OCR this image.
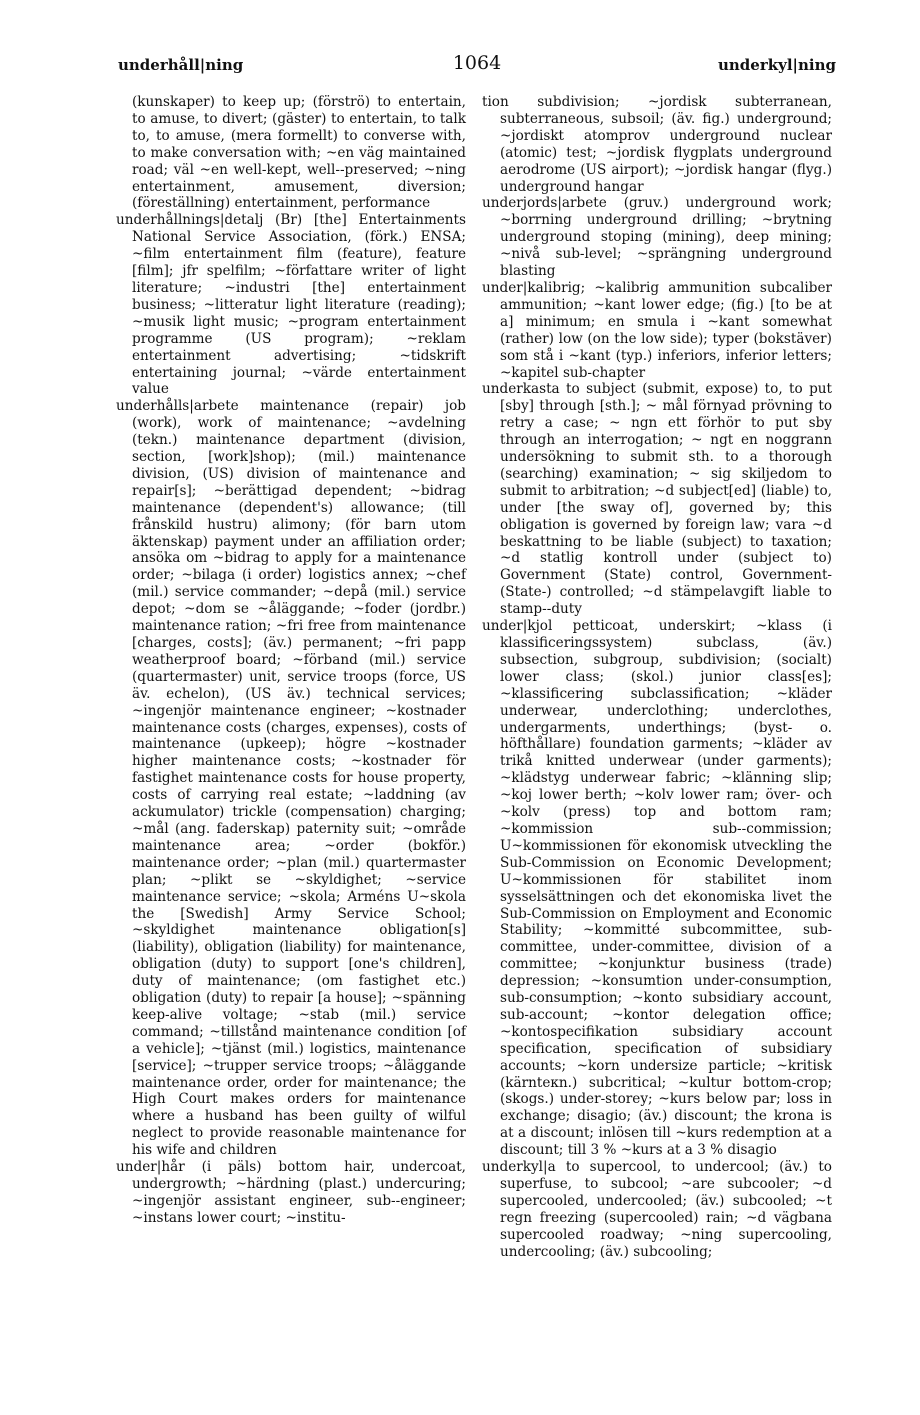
underhåll|ning	1064	underkyl|ning

(kunskaper) to keep up; (förströ) to entertain, to amuse, to divert; (gäster) to entertain, to talk to, to amuse, (mera formellt) to converse with, to make conversation with; ~en väg maintained road; väl ~en well-kept, well--preserved; ~ning entertainment, amusement, diversion; (föreställning) entertainment, performance

underhållnings|detalj (Br) [the] Entertainments National Service Association, (förk.) ENSA; ~film entertainment film (feature), feature [film]; jfr spelfilm; ~författare writer of light literature; ~industri [the] entertainment business; ~litteratur light literature (reading); ~musik light music; ~program entertainment programme (US program); ~reklam entertainment advertising; ~tidskrift entertaining journal; ~värde entertainment value

underhålls|arbete maintenance (repair) job (work), work of maintenance; ~avdelning (tekn.) maintenance department (division, section, [work]shop); (mil.) maintenance division, (US) division of maintenance and repair[s]; ~berättigad dependent; ~bidrag maintenance (dependent's) allowance; (till frånskild hustru) alimony; (för barn utom äktenskap) payment under an affiliation order; ansöka om ~bidrag to apply for a maintenance order; ~bilaga (i order) logistics annex; ~chef (mil.) service commander; ~depå (mil.) service depot; ~dom se ~åläggande; ~foder (jordbr.) maintenance ration; ~fri free from maintenance [charges, costs]; (äv.) permanent; ~fri papp weatherproof board; ~förband (mil.) service (quartermaster) unit, service troops (force, US äv. echelon), (US äv.) technical services; ~ingenjör maintenance engineer; ~kostnader maintenance costs (charges, expenses), costs of maintenance (upkeep); högre ~kostnader higher maintenance costs; ~kostnader för fastighet maintenance costs for house property, costs of carrying real estate; ~laddning (av ackumulator) trickle (compensation) charging; ~mål (ang. faderskap) paternity suit; ~område maintenance area; ~order (bokför.) maintenance order; ~plan (mil.) quartermaster plan; ~plikt se ~skyldighet; ~service maintenance service; ~skola; Arméns U~skola the [Swedish] Army Service School; ~skyldighet maintenance obligation[s] (liability), obligation (liability) for maintenance, obligation (duty) to support [one's children], duty of maintenance; (om fastighet etc.) obligation (duty) to repair [a house]; ~spänning keep-alive voltage; ~stab (mil.) service command; ~tillstånd maintenance condition [of a vehicle]; ~tjänst (mil.) logistics, maintenance [service]; ~trupper service troops; ~åläggande maintenance order, order for maintenance; the High Court makes orders for maintenance where a husband has been guilty of wilful neglect to provide reasonable maintenance for his wife and children

under|hår (i päls) bottom hair, undercoat, undergrowth; ~härdning (plast.) undercuring; ~ingenjör assistant engineer, sub--engineer; ~instans lower court; ~institu-

tion subdivision; ~jordisk subterranean, subterraneous, subsoil; (äv. fig.) underground; ~jordiskt atomprov underground nuclear (atomic) test; ~jordisk flygplats underground aerodrome (US airport); ~jordisk hangar (flyg.) underground hangar

underjords|arbete (gruv.) underground work; ~borrning underground drilling; ~brytning underground stoping (mining), deep mining; ~nivå sub-level; ~sprängning underground blasting

under|kalibrig; ~kalibrig ammunition subcaliber ammunition; ~kant lower edge; (fig.) [to be at a] minimum; en smula i ~kant somewhat (rather) low (on the low side); typer (bokstäver) som stå i ~kant (typ.) inferiors, inferior letters; ~kapitel sub-chapter

underkasta to subject (submit, expose) to, to put [sby] through [sth.]; ~ mål förnyad prövning to retry a case; ~ ngn ett förhör to put sby through an interrogation; ~ ngt en noggrann undersökning to submit sth. to a thorough (searching) examination; ~ sig skiljedom to submit to arbitration; ~d subject[ed] (liable) to, under [the sway of], governed by; this obligation is governed by foreign law; vara ~d beskattning to be liable (subject) to taxation; ~d statlig kontroll under (subject to) Government (State) control, Government- (State-) controlled; ~d stämpelavgift liable to stamp--duty

under|kjol petticoat, underskirt; ~klass (i klassificeringssystem) subclass, (äv.) subsection, subgroup, subdivision; (socialt) lower class; (skol.) junior class[es]; ~klassificering subclassification; ~kläder underwear, underclothing; underclothes, undergarments, underthings; (byst- o. höfthållare) foundation garments; ~kläder av trikå knitted underwear (under garments); ~klädstyg underwear fabric; ~klänning slip; ~koj lower berth; ~kolv lower ram; över- och ~kolv (press) top and bottom ram; ~kommission sub--commission; U~kommissionen för ekonomisk utveckling the Sub-Commission on Economic Development; U~kommissionen för stabilitet inom sysselsättningen och det ekonomiska livet the Sub-Commission on Employment and Economic Stability; ~kommitté subcommittee, sub-committee, under-committee, division of a committee; ~konjunktur business (trade) depression; ~konsumtion under-consumption, sub-consumption; ~konto subsidiary account, sub-account; ~kontor delegation office; ~kontospecifikation subsidiary account specification, specification of subsidiary accounts; ~korn undersize particle; ~kritisk (kärnteкn.) subcritical; ~kultur bottom-crop; (skogs.) under-storey; ~kurs below par; loss in exchange; disagio; (äv.) discount; the krona is at a discount; inlösen till ~kurs redemption at a discount; till 3 % ~kurs at a 3 % disagio

underkyl|a to supercool, to undercool; (äv.) to superfuse, to subcool; ~are subcooler; ~d supercooled, undercooled; (äv.) subcooled; ~t regn freezing (supercooled) rain; ~d vägbana supercooled roadway; ~ning supercooling, undercooling; (äv.) subcooling;
